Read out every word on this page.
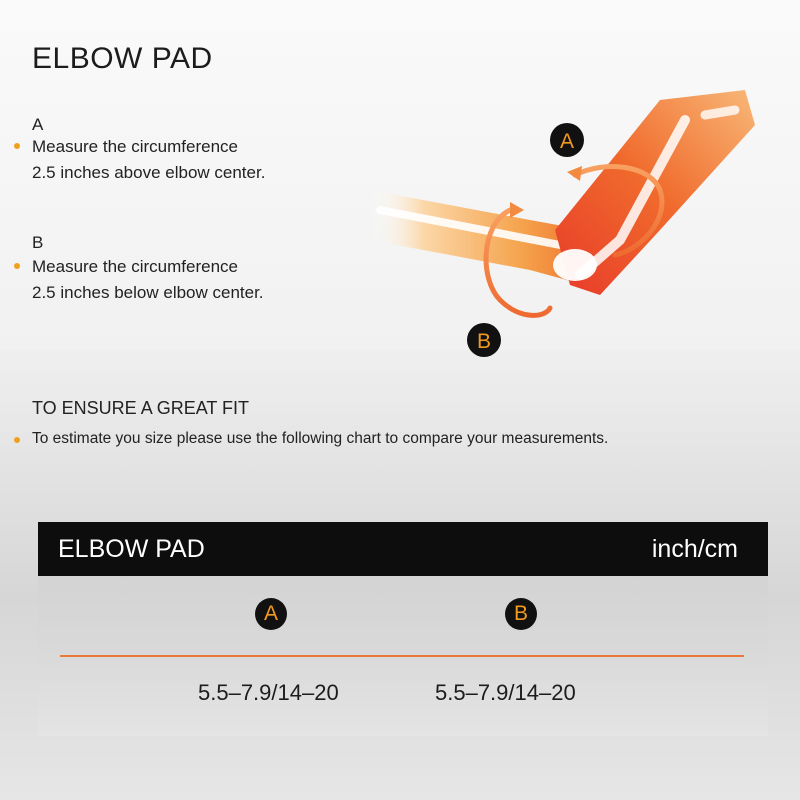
ELBOW PAD
A
Measure the circumference
2.5 inches above elbow center.
B
Measure the circumference
2.5 inches below elbow center.
A
B
TO ENSURE A GREAT FIT
To estimate you size please use the following chart to compare your measurements.
ELBOW PAD	inch/cm
A	B
5.5–7.9/14–20	5.5–7.9/14–20
